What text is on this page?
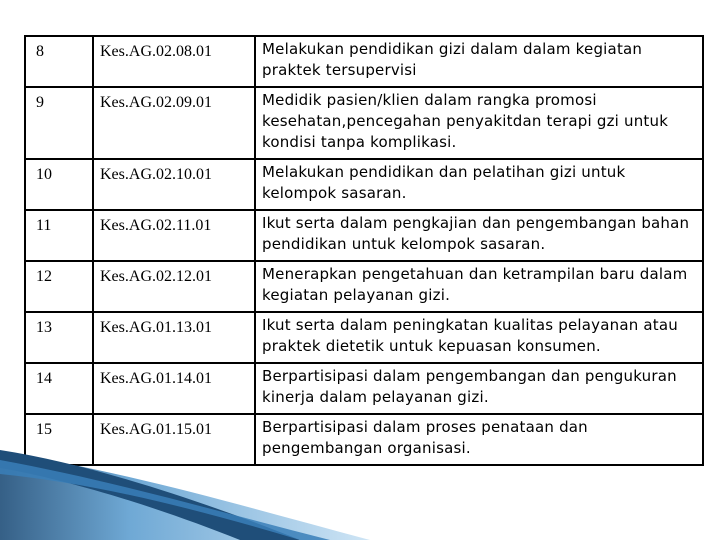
8	Kes.AG.02.08.01	Melakukan pendidikan gizi dalam dalam kegiatan praktek tersupervisi
9	Kes.AG.02.09.01	Medidik pasien/klien dalam rangka promosi kesehatan,pencegahan penyakitdan terapi gzi untuk kondisi tanpa komplikasi.
10	Kes.AG.02.10.01	Melakukan pendidikan dan pelatihan gizi untuk kelompok sasaran.
11	Kes.AG.02.11.01	Ikut serta dalam pengkajian dan pengembangan bahan pendidikan untuk kelompok sasaran.
12	Kes.AG.02.12.01	Menerapkan pengetahuan dan ketrampilan baru dalam kegiatan pelayanan gizi.
13	Kes.AG.01.13.01	Ikut serta dalam peningkatan kualitas pelayanan atau praktek dietetik untuk kepuasan konsumen.
14	Kes.AG.01.14.01	Berpartisipasi dalam pengembangan dan pengukuran kinerja dalam pelayanan gizi.
15	Kes.AG.01.15.01	Berpartisipasi dalam proses penataan dan pengembangan organisasi.
